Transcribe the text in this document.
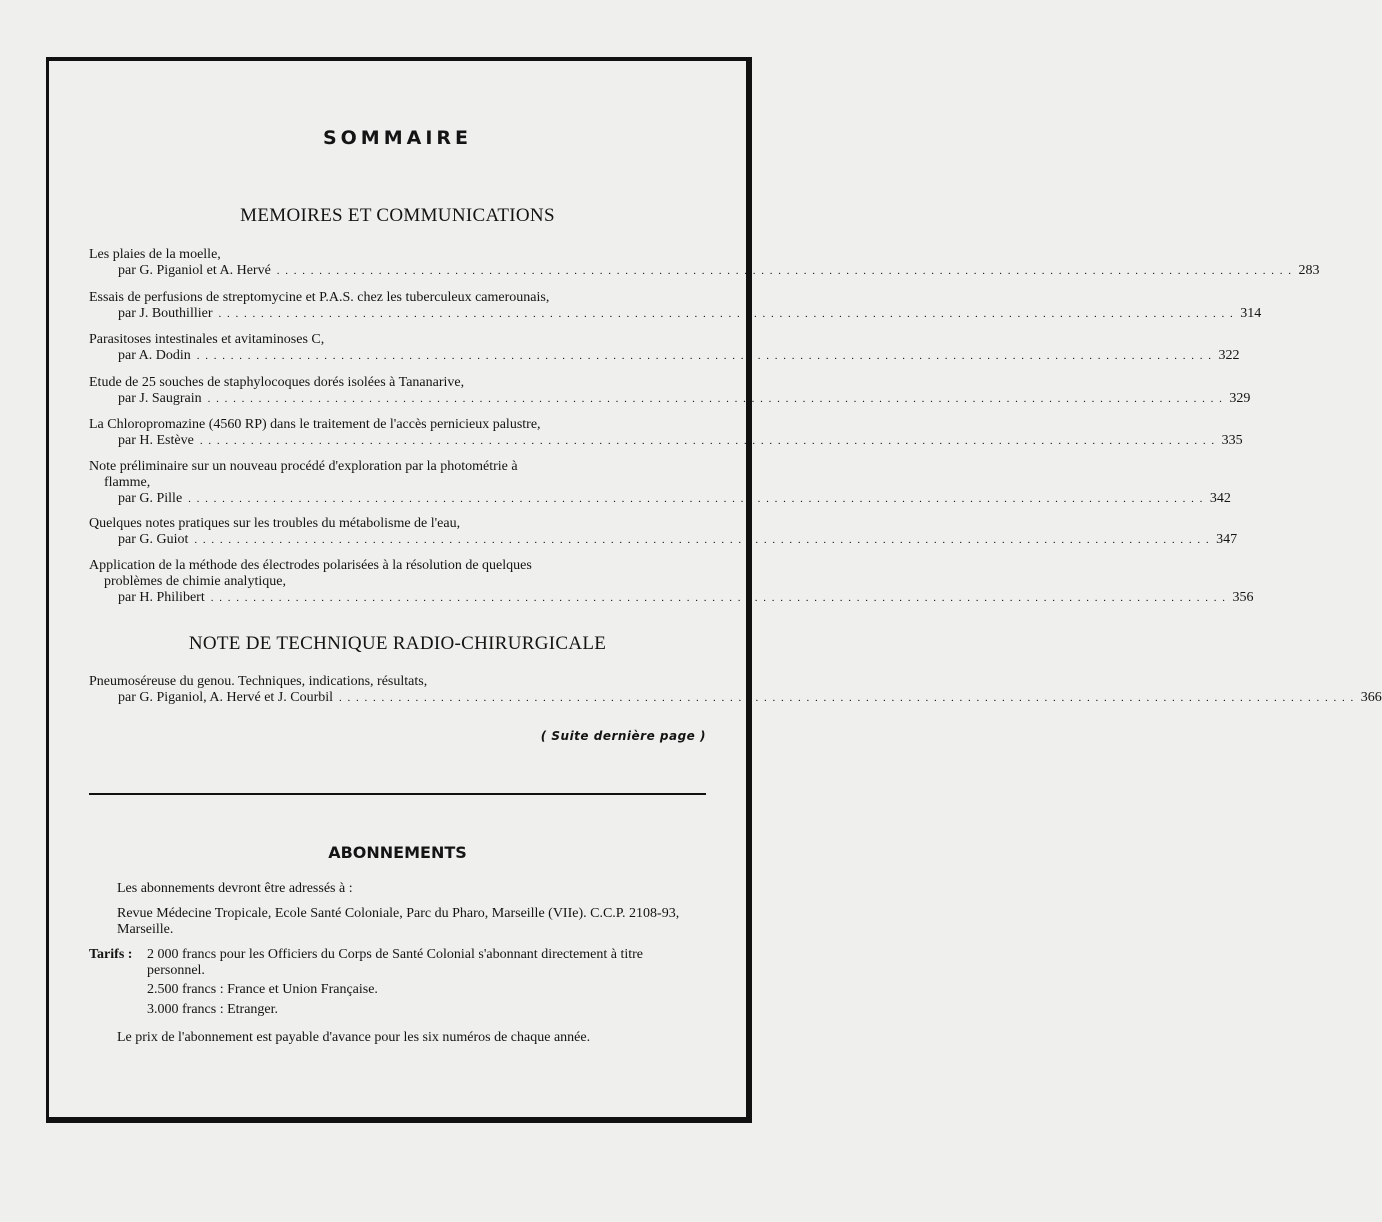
SOMMAIRE
MEMOIRES ET COMMUNICATIONS
Les plaies de la moelle,
par G. Piganiol et A. Hervé . . . . . . . . . . . . . . . . . . . . . . . . . . . . . . . . . . . . . . . . . . . . . . . . . . . . . . . . . . . . . . . . . . . . . . . . . . . . . . . . . . . . . . . . . . . . . . . . . . . . . . . . . . . . . . . . . . . . . . . . 283
Essais de perfusions de streptomycine et P.A.S. chez les tuberculeux camerounais,
par J. Bouthillier . . . . . . . . . . . . . . . . . . . . . . . . . . . . . . . . . . . . . . . . . . . . . . . . . . . . . . . . . . . . . . . . . . . . . . . . . . . . . . . . . . . . . . . . . . . . . . . . . . . . . . . . . . . . . . . . . . . . . . . . 314
Parasitoses intestinales et avitaminoses C,
par A. Dodin . . . . . . . . . . . . . . . . . . . . . . . . . . . . . . . . . . . . . . . . . . . . . . . . . . . . . . . . . . . . . . . . . . . . . . . . . . . . . . . . . . . . . . . . . . . . . . . . . . . . . . . . . . . . . . . . . . . . . . . . 322
Etude de 25 souches de staphylocoques dorés isolées à Tananarive,
par J. Saugrain . . . . . . . . . . . . . . . . . . . . . . . . . . . . . . . . . . . . . . . . . . . . . . . . . . . . . . . . . . . . . . . . . . . . . . . . . . . . . . . . . . . . . . . . . . . . . . . . . . . . . . . . . . . . . . . . . . . . . . . . 329
La Chloropromazine (4560 RP) dans le traitement de l'accès pernicieux palustre,
par H. Estève . . . . . . . . . . . . . . . . . . . . . . . . . . . . . . . . . . . . . . . . . . . . . . . . . . . . . . . . . . . . . . . . . . . . . . . . . . . . . . . . . . . . . . . . . . . . . . . . . . . . . . . . . . . . . . . . . . . . . . . . 335
Note préliminaire sur un nouveau procédé d'exploration par la photométrie à
flamme,
par G. Pille . . . . . . . . . . . . . . . . . . . . . . . . . . . . . . . . . . . . . . . . . . . . . . . . . . . . . . . . . . . . . . . . . . . . . . . . . . . . . . . . . . . . . . . . . . . . . . . . . . . . . . . . . . . . . . . . . . . . . . . . 342
Quelques notes pratiques sur les troubles du métabolisme de l'eau,
par G. Guiot . . . . . . . . . . . . . . . . . . . . . . . . . . . . . . . . . . . . . . . . . . . . . . . . . . . . . . . . . . . . . . . . . . . . . . . . . . . . . . . . . . . . . . . . . . . . . . . . . . . . . . . . . . . . . . . . . . . . . . . . 347
Application de la méthode des électrodes polarisées à la résolution de quelques
problèmes de chimie analytique,
par H. Philibert . . . . . . . . . . . . . . . . . . . . . . . . . . . . . . . . . . . . . . . . . . . . . . . . . . . . . . . . . . . . . . . . . . . . . . . . . . . . . . . . . . . . . . . . . . . . . . . . . . . . . . . . . . . . . . . . . . . . . . . . 356
NOTE DE TECHNIQUE RADIO-CHIRURGICALE
Pneumoséreuse du genou. Techniques, indications, résultats,
par G. Piganiol, A. Hervé et J. Courbil . . . . . . . . . . . . . . . . . . . . . . . . . . . . . . . . . . . . . . . . . . . . . . . . . . . . . . . . . . . . . . . . . . . . . . . . . . . . . . . . . . . . . . . . . . . . . . . . . . . . . . . . . . . . . . . . . . . . . . . . 366
( Suite dernière page )
ABONNEMENTS
Les abonnements devront être adressés à :
Revue Médecine Tropicale, Ecole Santé Coloniale, Parc du Pharo, Marseille (VIIe). C.C.P. 2108-93, Marseille.
Tarifs :	2 000 francs pour les Officiers du Corps de Santé Colonial s'abonnant directement à titre personnel.
2.500 francs : France et Union Française.
3.000 francs : Etranger.
Le prix de l'abonnement est payable d'avance pour les six numéros de chaque année.
